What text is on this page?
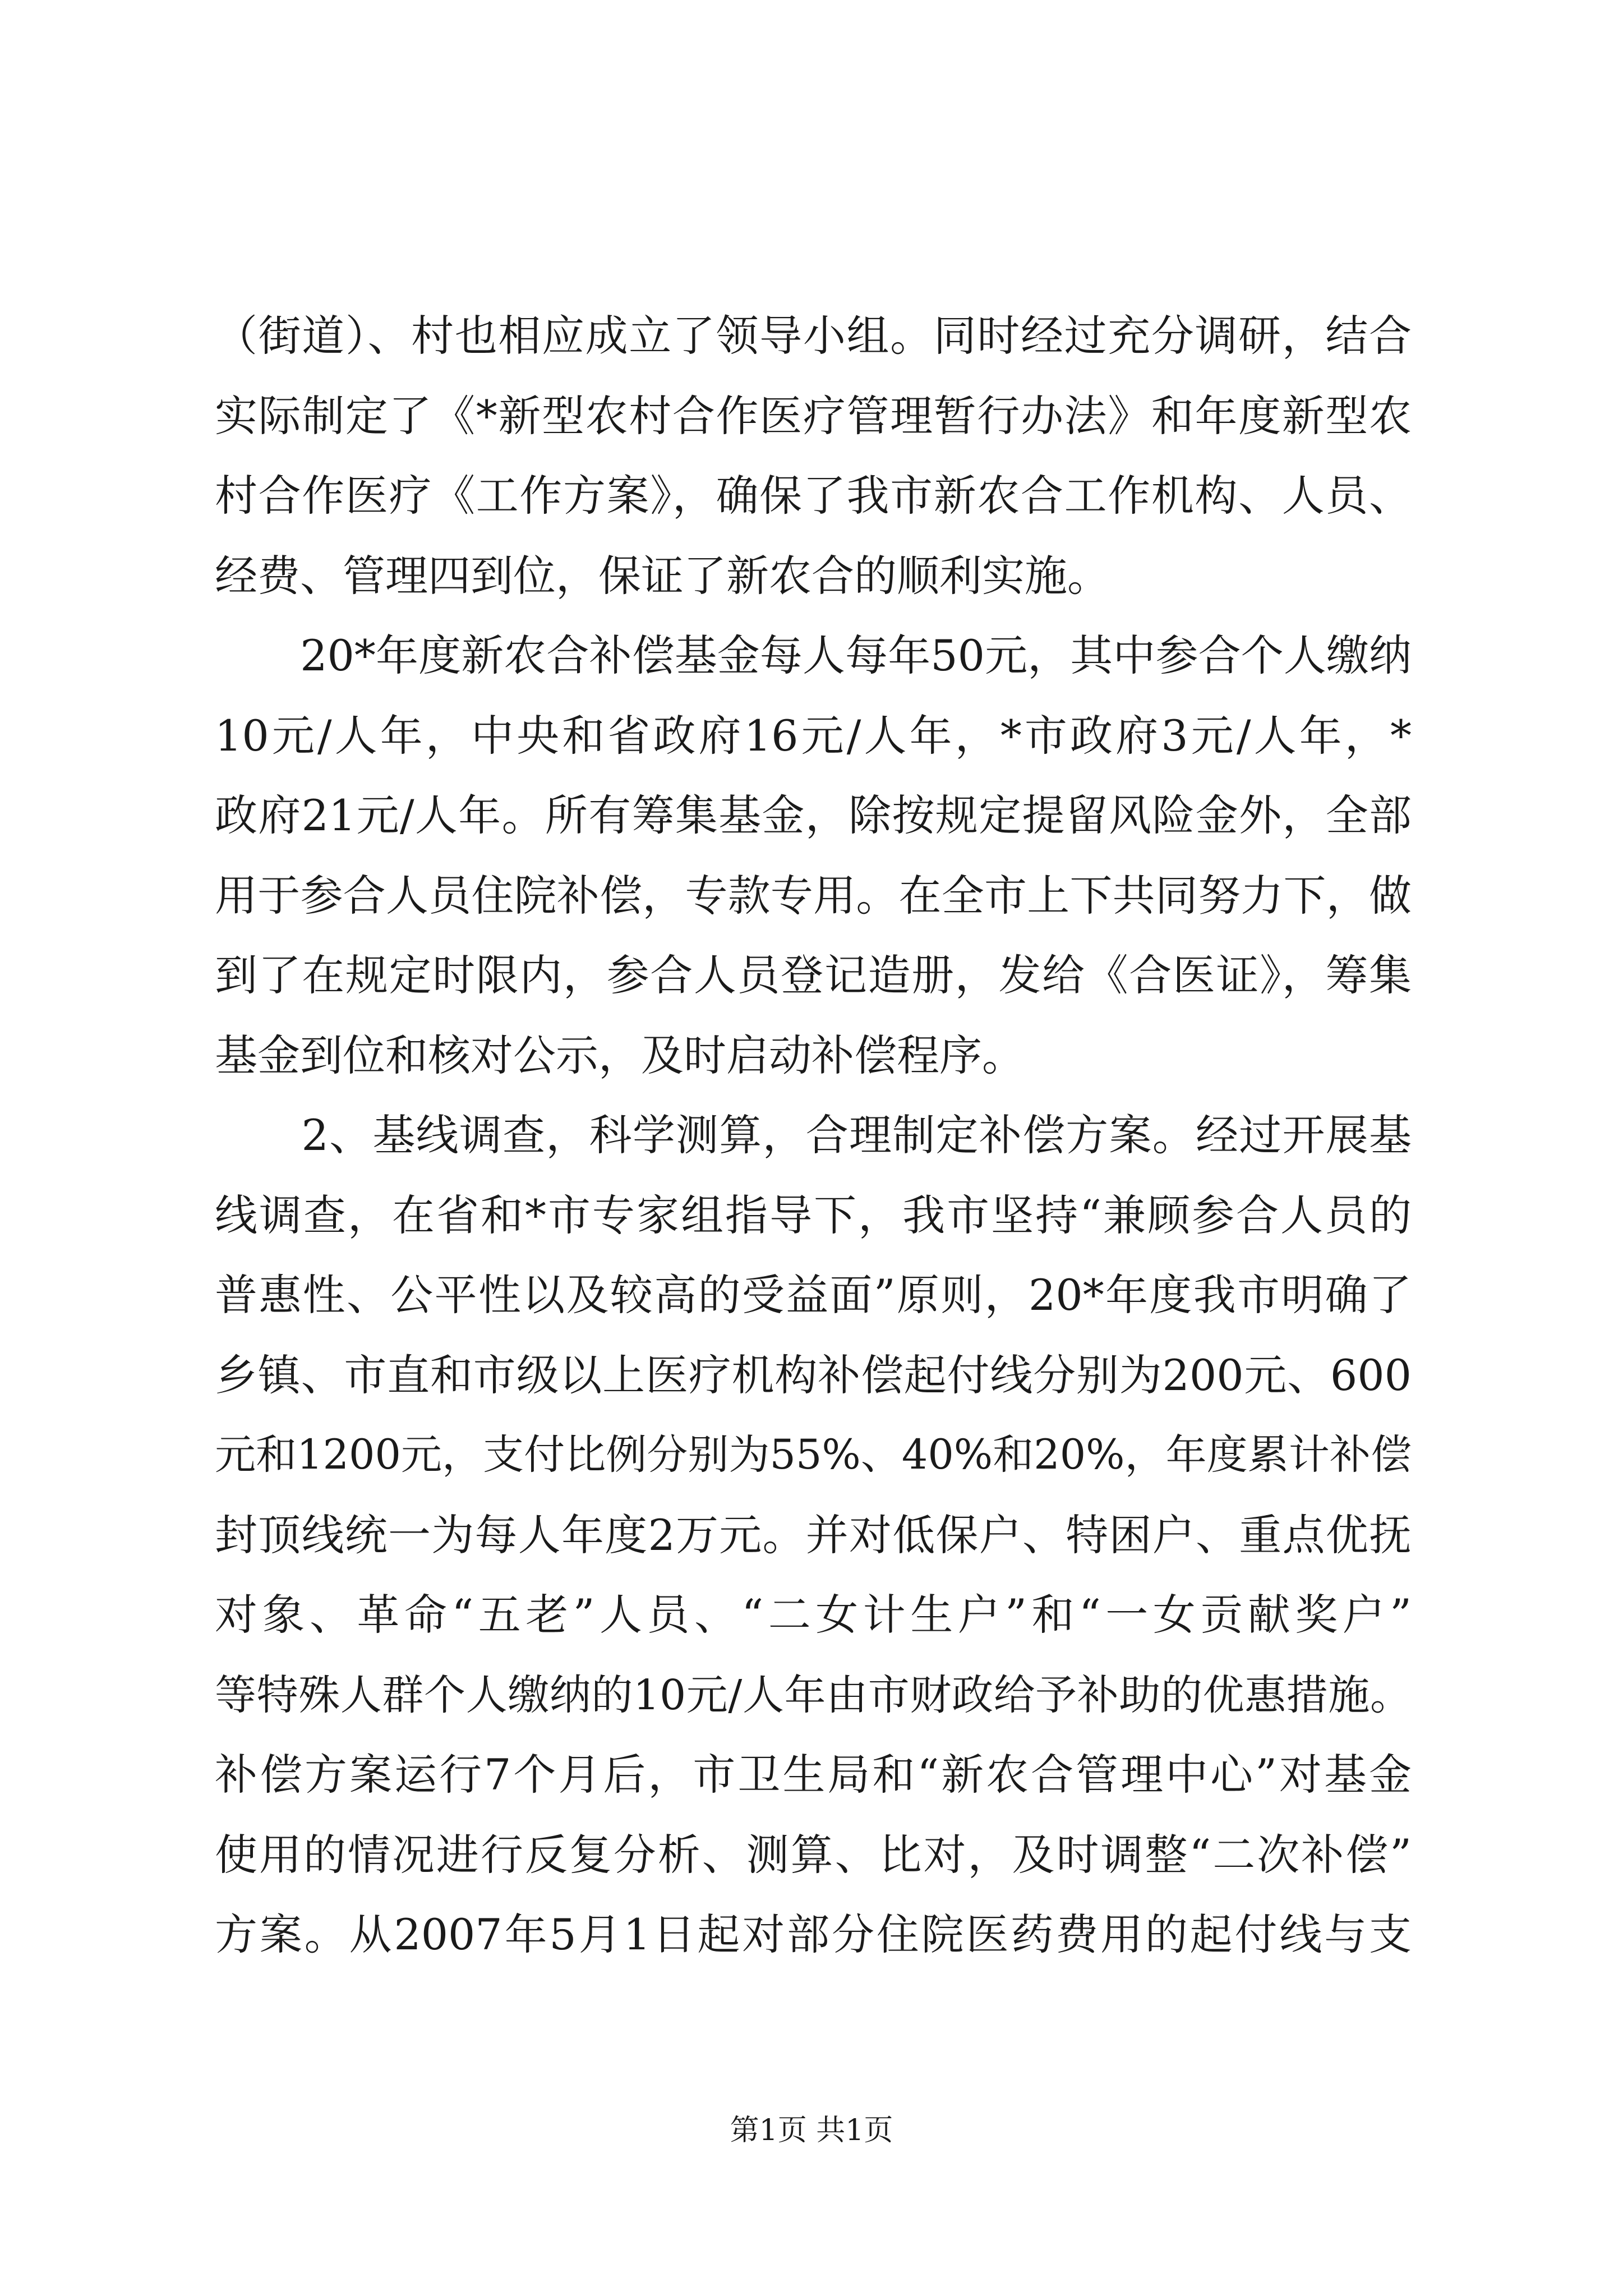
（街道）、村也相应成立了领导小组。同时经过充分调研，结合
实际制定了《*新型农村合作医疗管理暂行办法》和年度新型农
村合作医疗《工作方案》，确保了我市新农合工作机构、人员、
经费、管理四到位，保证了新农合的顺利实施。
　　20*年度新农合补偿基金每人每年50元，其中参合个人缴纳
10元/人年，中央和省政府16元/人年，*市政府3元/人年，*
政府21元/人年。所有筹集基金，除按规定提留风险金外，全部
用于参合人员住院补偿，专款专用。在全市上下共同努力下，做
到了在规定时限内，参合人员登记造册，发给《合医证》，筹集
基金到位和核对公示，及时启动补偿程序。
　　2、基线调查，科学测算，合理制定补偿方案。经过开展基
线调查，在省和*市专家组指导下，我市坚持“兼顾参合人员的
普惠性、公平性以及较高的受益面”原则，20*年度我市明确了
乡镇、市直和市级以上医疗机构补偿起付线分别为200元、600
元和1200元，支付比例分别为55%、40%和20%，年度累计补偿
封顶线统一为每人年度2万元。并对低保户、特困户、重点优抚
对象、革命“五老”人员、“二女计生户”和“一女贡献奖户”
等特殊人群个人缴纳的10元/人年由市财政给予补助的优惠措施。
补偿方案运行7个月后，市卫生局和“新农合管理中心”对基金
使用的情况进行反复分析、测算、比对，及时调整“二次补偿”
方案。从2007年5月1日起对部分住院医药费用的起付线与支
第1页 共1页
